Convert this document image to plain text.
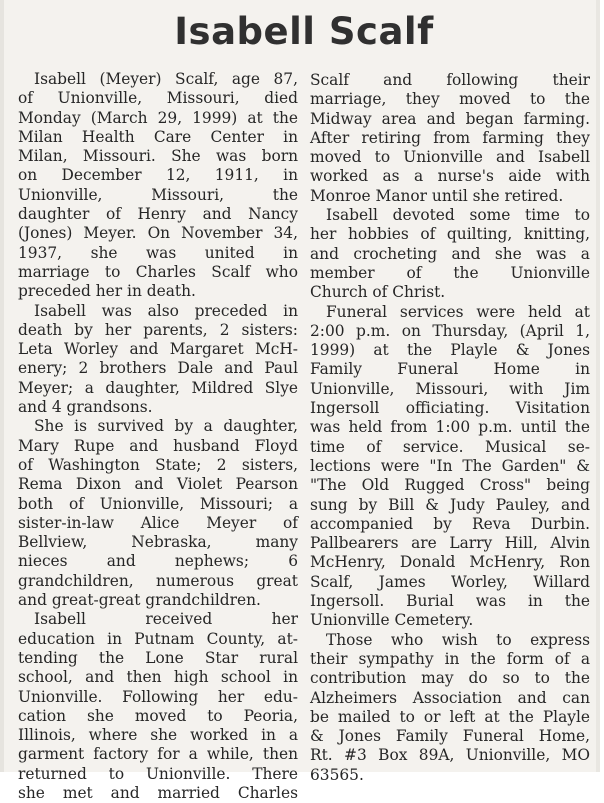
Isabell Scalf
Isabell (Meyer) Scalf, age 87,
of Unionville, Missouri, died
Monday (March 29, 1999) at the
Milan Health Care Center in
Milan, Missouri. She was born
on December 12, 1911, in
Unionville, Missouri, the
daughter of Henry and Nancy
(Jones) Meyer. On November 34,
1937, she was united in
marriage to Charles Scalf who
preceded her in death.
Isabell was also preceded in
death by her parents, 2 sisters:
Leta Worley and Margaret McH-
enery; 2 brothers Dale and Paul
Meyer; a daughter, Mildred Slye
and 4 grandsons.
She is survived by a daughter,
Mary Rupe and husband Floyd
of Washington State; 2 sisters,
Rema Dixon and Violet Pearson
both of Unionville, Missouri; a
sister-in-law Alice Meyer of
Bellview, Nebraska, many
nieces and nephews; 6
grandchildren, numerous great
and great-great grandchildren.
Isabell received her
education in Putnam County, at-
tending the Lone Star rural
school, and then high school in
Unionville. Following her edu-
cation she moved to Peoria,
Illinois, where she worked in a
garment factory for a while, then
returned to Unionville. There
she met and married Charles
Scalf and following their
marriage, they moved to the
Midway area and began farming.
After retiring from farming they
moved to Unionville and Isabell
worked as a nurse's aide with
Monroe Manor until she retired.
Isabell devoted some time to
her hobbies of quilting, knitting,
and crocheting and she was a
member of the Unionville
Church of Christ.
Funeral services were held at
2:00 p.m. on Thursday, (April 1,
1999) at the Playle & Jones
Family Funeral Home in
Unionville, Missouri, with Jim
Ingersoll officiating. Visitation
was held from 1:00 p.m. until the
time of service. Musical se-
lections were "In The Garden" &
"The Old Rugged Cross" being
sung by Bill & Judy Pauley, and
accompanied by Reva Durbin.
Pallbearers are Larry Hill, Alvin
McHenry, Donald McHenry, Ron
Scalf, James Worley, Willard
Ingersoll. Burial was in the
Unionville Cemetery.
Those who wish to express
their sympathy in the form of a
contribution may do so to the
Alzheimers Association and can
be mailed to or left at the Playle
& Jones Family Funeral Home,
Rt. #3 Box 89A, Unionville, MO
63565.
